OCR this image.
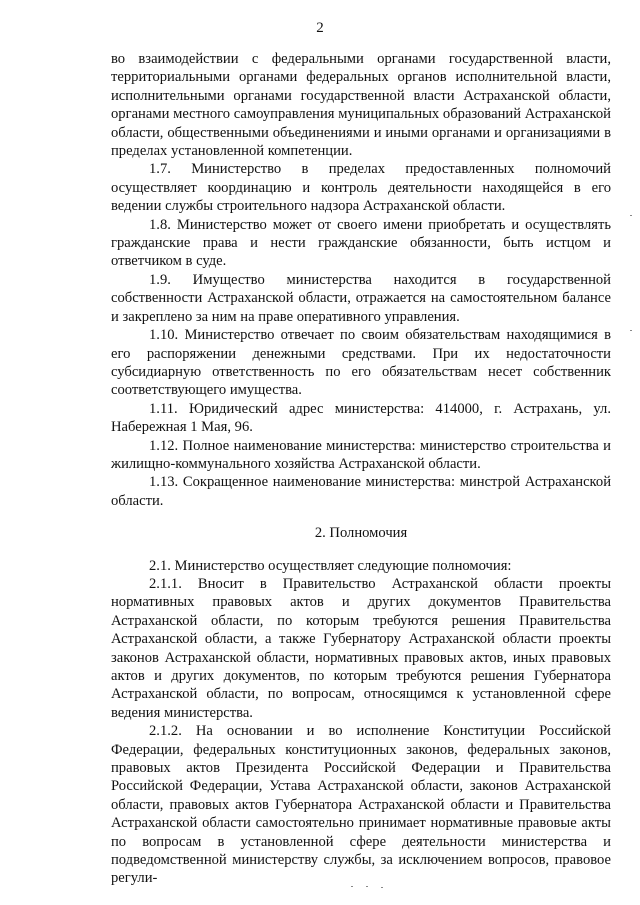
2

во взаимодействии с федеральными органами государственной власти, территориальными органами федеральных органов исполнительной власти, исполнительными органами государственной власти Астраханской области, органами местного самоуправления муниципальных образований Астраханской области, общественными объединениями и иными органами и организациями в пределах установленной компетенции.

1.7. Министерство в пределах предоставленных полномочий осуществляет координацию и контроль деятельности находящейся в его ведении службы строительного надзора Астраханской области.

1.8. Министерство может от своего имени приобретать и осуществлять гражданские права и нести гражданские обязанности, быть истцом и ответчиком в суде.

1.9. Имущество министерства находится в государственной собственности Астраханской области, отражается на самостоятельном балансе и закреплено за ним на праве оперативного управления.

1.10. Министерство отвечает по своим обязательствам находящимися в его распоряжении денежными средствами. При их недостаточности субсидиарную ответственность по его обязательствам несет собственник соответствующего имущества.

1.11. Юридический адрес министерства: 414000, г. Астрахань, ул. Набережная 1 Мая, 96.

1.12. Полное наименование министерства: министерство строительства и жилищно-коммунального хозяйства Астраханской области.

1.13. Сокращенное наименование министерства: минстрой Астраханской области.

2. Полномочия

2.1. Министерство осуществляет следующие полномочия:

2.1.1. Вносит в Правительство Астраханской области проекты нормативных правовых актов и других документов Правительства Астраханской области, по которым требуются решения Правительства Астраханской области, а также Губернатору Астраханской области проекты законов Астраханской области, нормативных правовых актов, иных правовых актов и других документов, по которым требуются решения Губернатора Астраханской области, по вопросам, относящимся к установленной сфере ведения министерства.

2.1.2. На основании и во исполнение Конституции Российской Федерации, федеральных конституционных законов, федеральных законов, правовых актов Президента Российской Федерации и Правительства Российской Федерации, Устава Астраханской области, законов Астраханской области, правовых актов Губернатора Астраханской области и Правительства Астраханской области самостоятельно принимает нормативные правовые акты по вопросам в установленной сфере деятельности министерства и подведомственной министерству службы, за исключением вопросов, правовое регули-
